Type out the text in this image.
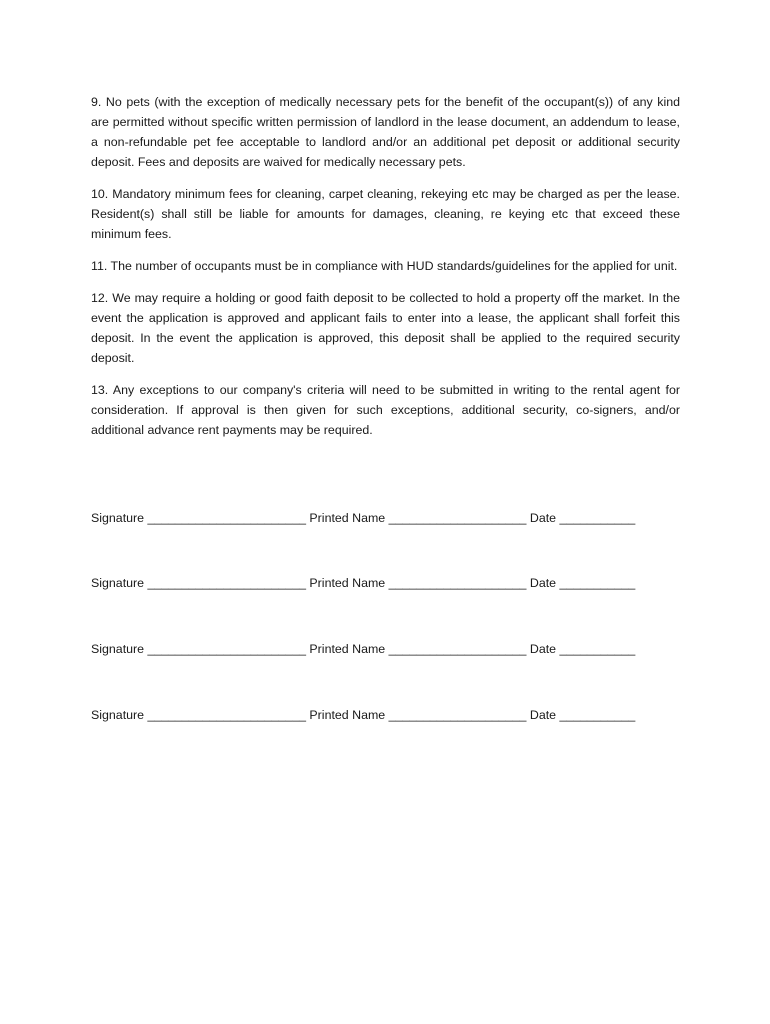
9. No pets (with the exception of medically necessary pets for the benefit of the occupant(s)) of any kind are permitted without specific written permission of landlord in the lease document, an addendum to lease, a non-refundable pet fee acceptable to landlord and/or an additional pet deposit or additional security deposit. Fees and deposits are waived for medically necessary pets.

10. Mandatory minimum fees for cleaning, carpet cleaning, rekeying etc may be charged as per the lease. Resident(s) shall still be liable for amounts for damages, cleaning, re keying etc that exceed these minimum fees.

11. The number of occupants must be in compliance with HUD standards/guidelines for the applied for unit.

12. We may require a holding or good faith deposit to be collected to hold a property off the market. In the event the application is approved and applicant fails to enter into a lease, the applicant shall forfeit this deposit. In the event the application is approved, this deposit shall be applied to the required security deposit.

13. Any exceptions to our company's criteria will need to be submitted in writing to the rental agent for consideration. If approval is then given for such exceptions, additional security, co-signers, and/or additional advance rent payments may be required.

Signature _______________________ Printed Name ____________________ Date ___________
Signature _______________________ Printed Name ____________________ Date ___________
Signature _______________________ Printed Name ____________________ Date ___________
Signature _______________________ Printed Name ____________________ Date ___________
